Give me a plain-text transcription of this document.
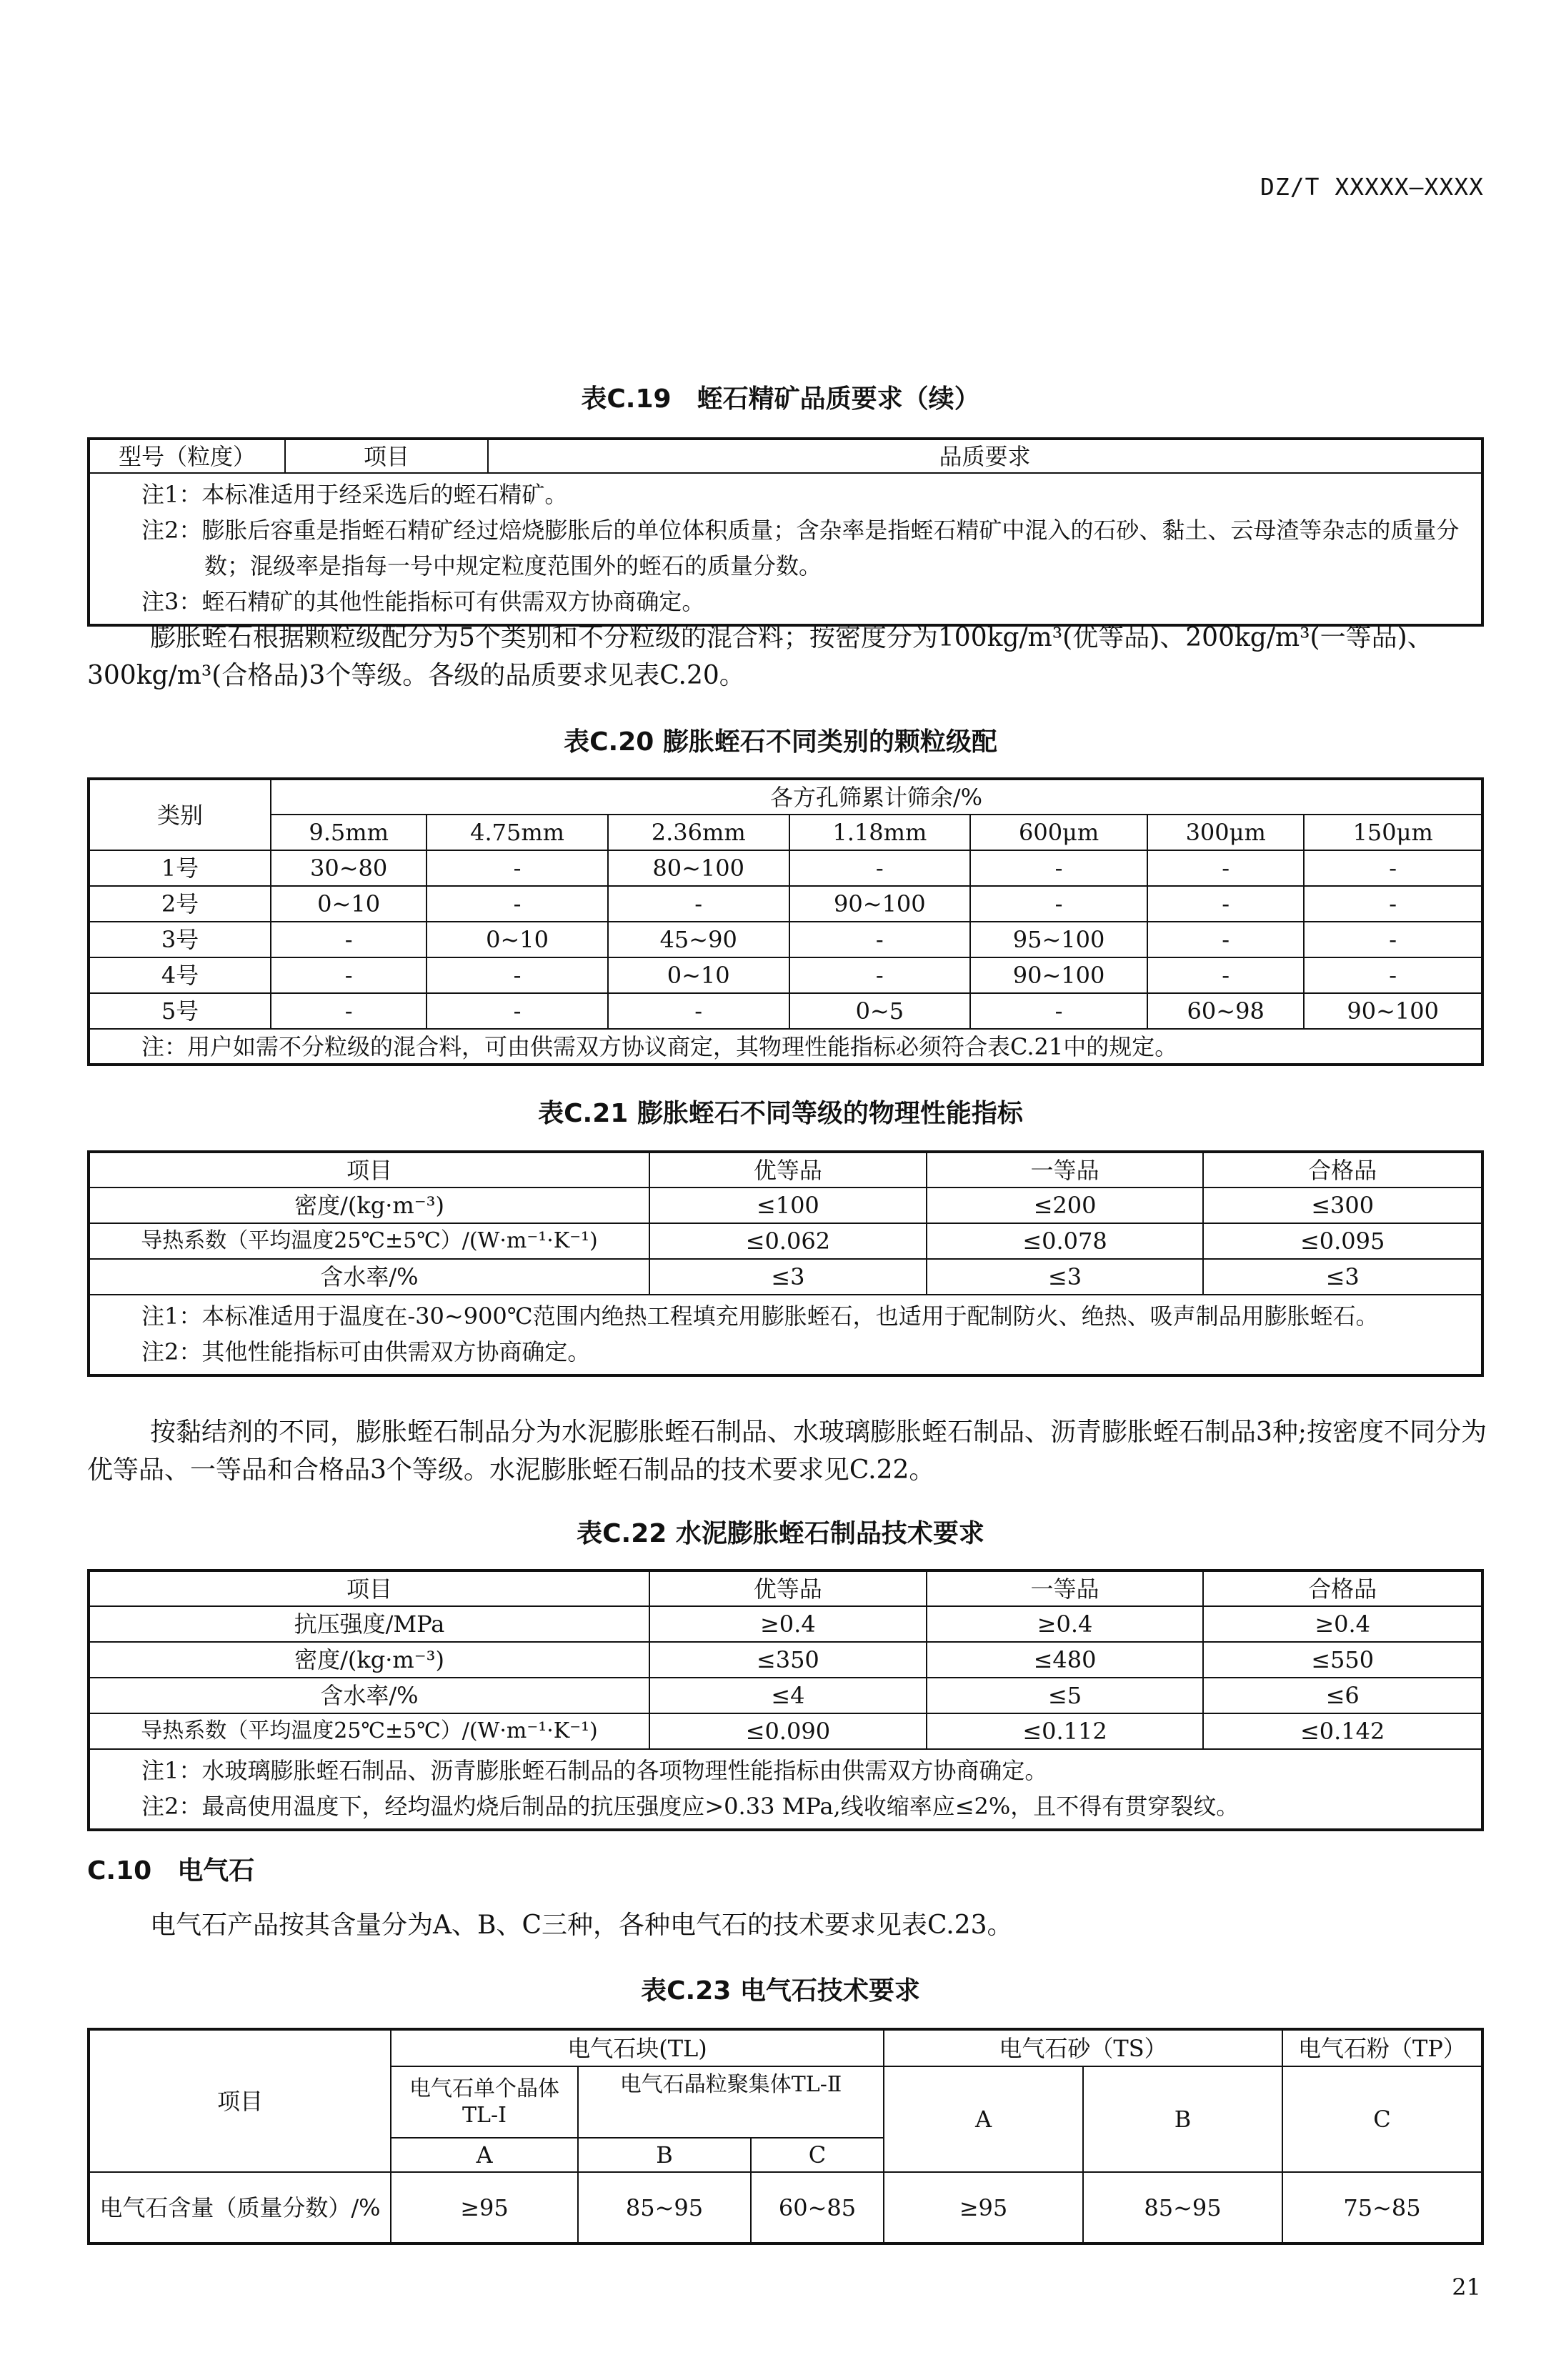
DZ/T XXXXX—XXXX
表C.19　蛭石精矿品质要求（续）
型号（粒度）	项目	品质要求

注1：本标准适用于经采选后的蛭石精矿。
注2：膨胀后容重是指蛭石精矿经过焙烧膨胀后的单位体积质量；含杂率是指蛭石精矿中混入的石砂、黏土、云母渣等杂志的质量分数；混级率是指每一号中规定粒度范围外的蛭石的质量分数。
注3：蛭石精矿的其他性能指标可有供需双方协商确定。

膨胀蛭石根据颗粒级配分为5个类别和不分粒级的混合料；按密度分为100kg/m³(优等品)、200kg/m³(一等品)、300kg/m³(合格品)3个等级。各级的品质要求见表C.20。

表C.20 膨胀蛭石不同类别的颗粒级配
类别	各方孔筛累计筛余/%						
	9.5mm	4.75mm	2.36mm	1.18mm	600μm	300μm	150μm
1号	30~80	-	80~100	-	-	-	-
2号	0~10	-	-	90~100	-	-	-
3号	-	0~10	45~90	-	95~100	-	-
4号	-	-	0~10	-	90~100	-	-
5号	-	-	-	0~5	-	60~98	90~100
注：用户如需不分粒级的混合料，可由供需双方协议商定，其物理性能指标必须符合表C.21中的规定。							
表C.21 膨胀蛭石不同等级的物理性能指标
项目	优等品	一等品	合格品
密度/(kg·m⁻³)	≤100	≤200	≤300
导热系数（平均温度25℃±5℃）/(W·m⁻¹·K⁻¹)	≤0.062	≤0.078	≤0.095
含水率/%	≤3	≤3	≤3

注1：本标准适用于温度在-30~900℃范围内绝热工程填充用膨胀蛭石，也适用于配制防火、绝热、吸声制品用膨胀蛭石。
注2：其他性能指标可由供需双方协商确定。			

按黏结剂的不同，膨胀蛭石制品分为水泥膨胀蛭石制品、水玻璃膨胀蛭石制品、沥青膨胀蛭石制品3种;按密度不同分为优等品、一等品和合格品3个等级。水泥膨胀蛭石制品的技术要求见C.22。

表C.22 水泥膨胀蛭石制品技术要求
项目	优等品	一等品	合格品
抗压强度/MPa	≥0.4	≥0.4	≥0.4
密度/(kg·m⁻³)	≤350	≤480	≤550
含水率/%	≤4	≤5	≤6
导热系数（平均温度25℃±5℃）/(W·m⁻¹·K⁻¹)	≤0.090	≤0.112	≤0.142

注1：水玻璃膨胀蛭石制品、沥青膨胀蛭石制品的各项物理性能指标由供需双方协商确定。
注2：最高使用温度下，经均温灼烧后制品的抗压强度应>0.33 MPa,线收缩率应≤2%，且不得有贯穿裂纹。			
C.10　电气石

电气石产品按其含量分为A、B、C三种，各种电气石的技术要求见表C.23。

表C.23 电气石技术要求
项目	电气石块(TL)			电气石砂（TS）		电气石粉（TP）
	电气石单个晶体TL-Ⅰ	电气石晶粒聚集体TL-Ⅱ		A	B	C
	A	B	C			
电气石含量（质量分数）/%	≥95	85~95	60~85	≥95	85~95	75~85
21
